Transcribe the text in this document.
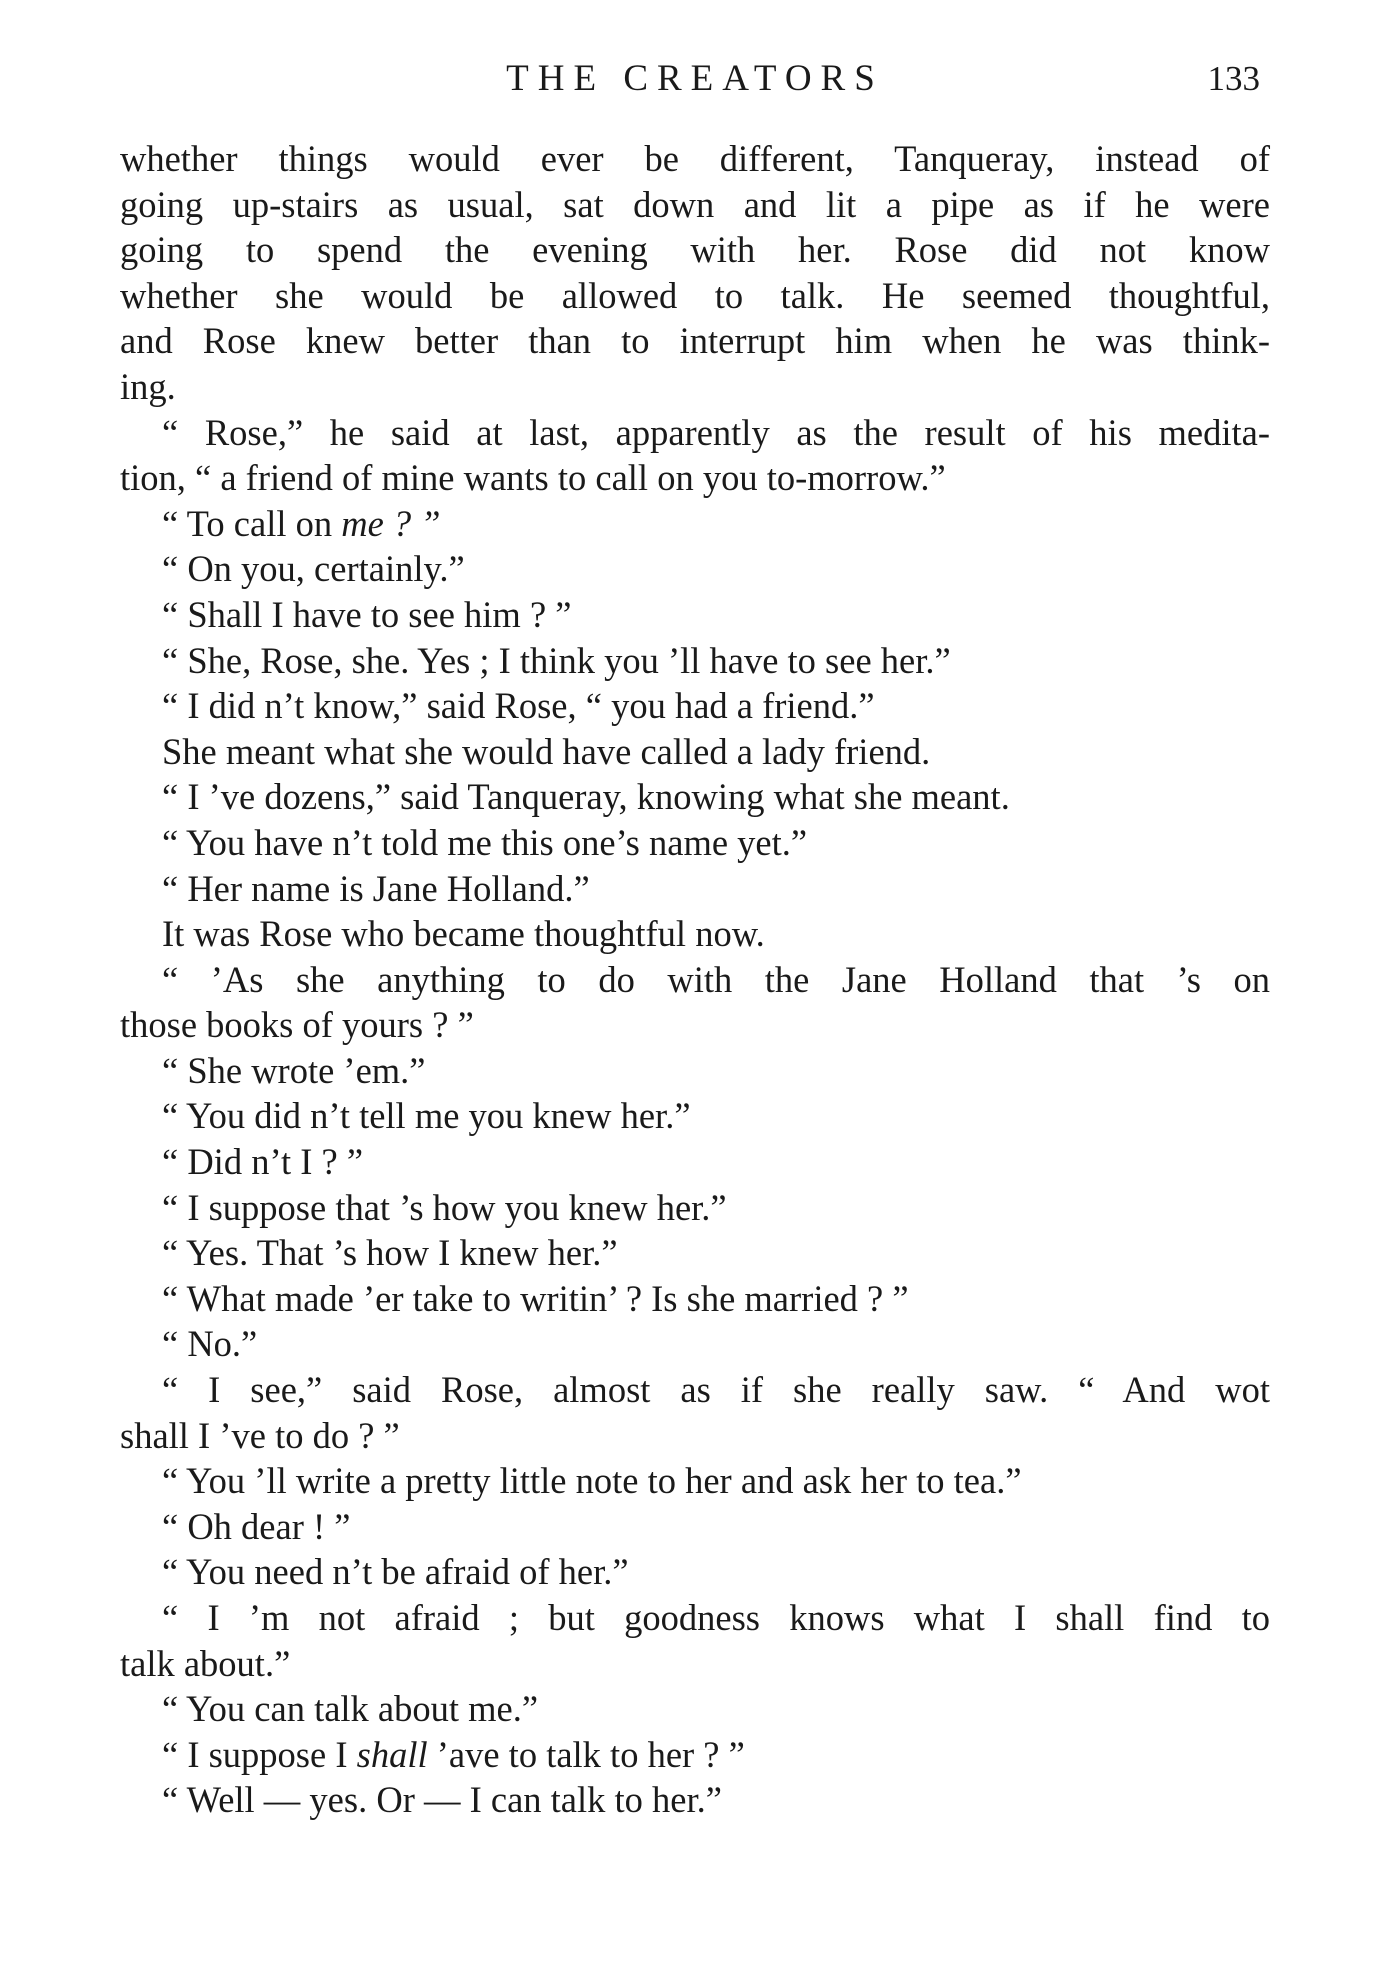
THE CREATORS	133
whether things would ever be different, Tanqueray, instead of
going up-stairs as usual, sat down and lit a pipe as if he were
going to spend the evening with her. Rose did not know
whether she would be allowed to talk. He seemed thoughtful,
and Rose knew better than to interrupt him when he was think-
ing.
“ Rose,” he said at last, apparently as the result of his medita-
tion, “ a friend of mine wants to call on you to-morrow.”
“ To call on me ? ”
“ On you, certainly.”
“ Shall I have to see him ? ”
“ She, Rose, she. Yes ; I think you ’ll have to see her.”
“ I did n’t know,” said Rose, “ you had a friend.”
She meant what she would have called a lady friend.
“ I ’ve dozens,” said Tanqueray, knowing what she meant.
“ You have n’t told me this one’s name yet.”
“ Her name is Jane Holland.”
It was Rose who became thoughtful now.
“ ’As she anything to do with the Jane Holland that ’s on
those books of yours ? ”
“ She wrote ’em.”
“ You did n’t tell me you knew her.”
“ Did n’t I ? ”
“ I suppose that ’s how you knew her.”
“ Yes. That ’s how I knew her.”
“ What made ’er take to writin’ ? Is she married ? ”
“ No.”
“ I see,” said Rose, almost as if she really saw. “ And wot
shall I ’ve to do ? ”
“ You ’ll write a pretty little note to her and ask her to tea.”
“ Oh dear ! ”
“ You need n’t be afraid of her.”
“ I ’m not afraid ; but goodness knows what I shall find to
talk about.”
“ You can talk about me.”
“ I suppose I shall ’ave to talk to her ? ”
“ Well — yes. Or — I can talk to her.”
